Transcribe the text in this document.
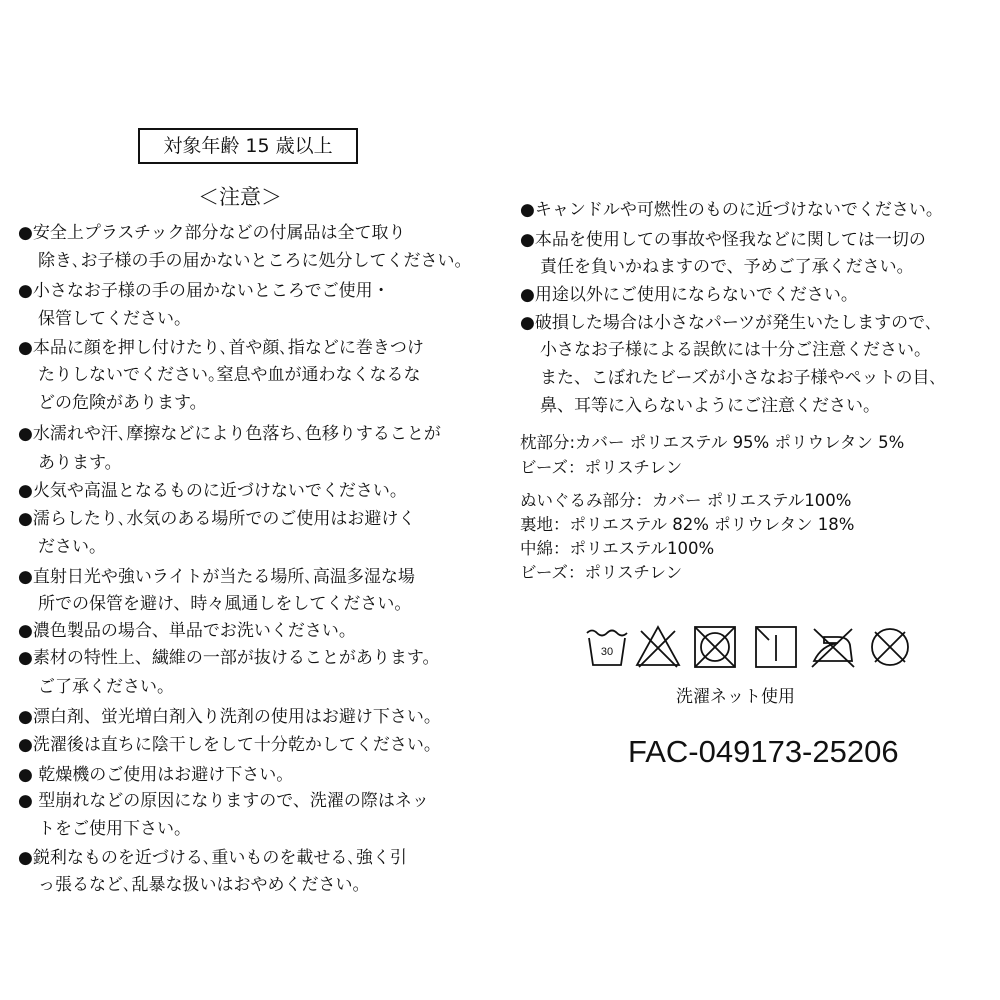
対象年齢 15 歳以上
＜注意＞
●安全上プラスチック部分などの付属品は全て取り
除き､お子様の手の届かないところに処分してください。
●小さなお子様の手の届かないところでご使用・
保管してください。
●本品に顔を押し付けたり､首や顔､指などに巻きつけ
たりしないでください｡窒息や血が通わなくなるな
どの危険があります。
●水濡れや汗､摩擦などにより色落ち､色移りすることが
あります。
●火気や高温となるものに近づけないでください。
●濡らしたり､水気のある場所でのご使用はお避けく
ださい。
●直射日光や強いライトが当たる場所､高温多湿な場
所での保管を避け、時々風通しをしてください。
●濃色製品の場合、単品でお洗いください。
●素材の特性上、繊維の一部が抜けることがあります。
ご了承ください。
●漂白剤、蛍光増白剤入り洗剤の使用はお避け下さい。
●洗濯後は直ちに陰干しをして十分乾かしてください。
● 乾燥機のご使用はお避け下さい。
● 型崩れなどの原因になりますので、洗濯の際はネッ
トをご使用下さい。
●鋭利なものを近づける､重いものを載せる､強く引
っ張るなど､乱暴な扱いはおやめください。
●キャンドルや可燃性のものに近づけないでください。
●本品を使用しての事故や怪我などに関しては一切の
責任を負いかねますので、予めご了承ください。
●用途以外にご使用にならないでください。
●破損した場合は小さなパーツが発生いたしますので､
小さなお子様による誤飲には十分ご注意ください。
また、こぼれたビーズが小さなお子様やペットの目､
鼻、耳等に入らないようにご注意ください。
枕部分:カバー ポリエステル 95% ポリウレタン 5%
ビーズ：ポリスチレン
ぬいぐるみ部分：カバー ポリエステル100%
裏地：ポリエステル 82% ポリウレタン 18%
中綿：ポリエステル100%
ビーズ：ポリスチレン
30
洗濯ネット使用
FAC-049173-25206
